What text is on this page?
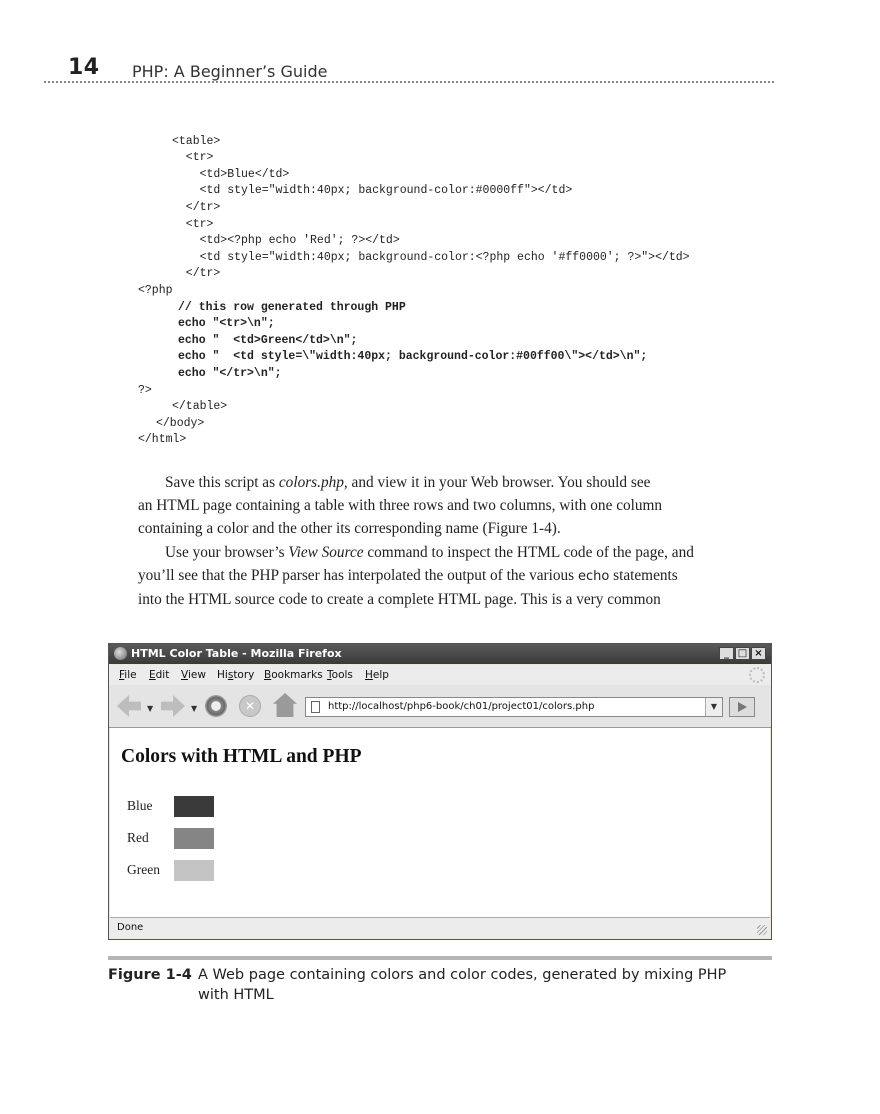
14 PHP: A Beginner’s Guide
<table>
<tr>
<td>Blue</td>
<td style="width:40px; background-color:#0000ff"></td>
</tr>
<tr>
<td><?php echo 'Red'; ?></td>
<td style="width:40px; background-color:<?php echo '#ff0000'; ?>"></td>
</tr>
<?php
// this row generated through PHP
echo "<tr>\n";
echo "  <td>Green</td>\n";
echo "  <td style=\"width:40px; background-color:#00ff00\"></td>\n";
echo "</tr>\n";
?>
</table>
</body>
</html>
Save this script as colors.php, and view it in your Web browser. You should see
an HTML page containing a table with three rows and two columns, with one column
containing a color and the other its corresponding name (Figure 1-4).
Use your browser’s View Source command to inspect the HTML code of the page, and
you’ll see that the PHP parser has interpolated the output of the various echo statements
into the HTML source code to create a complete HTML page. This is a very common
HTML Color Table - Mozilla Firefox	_ □ ×
File Edit View History Bookmarks Tools Help
▼	▼	✕	http://localhost/php6-book/ch01/project01/colors.php	▼
Colors with HTML and PHP
Blue
Red
Green
Done
Figure 1-4 A Web page containing colors and color codes, generated by mixing PHP
with HTML
